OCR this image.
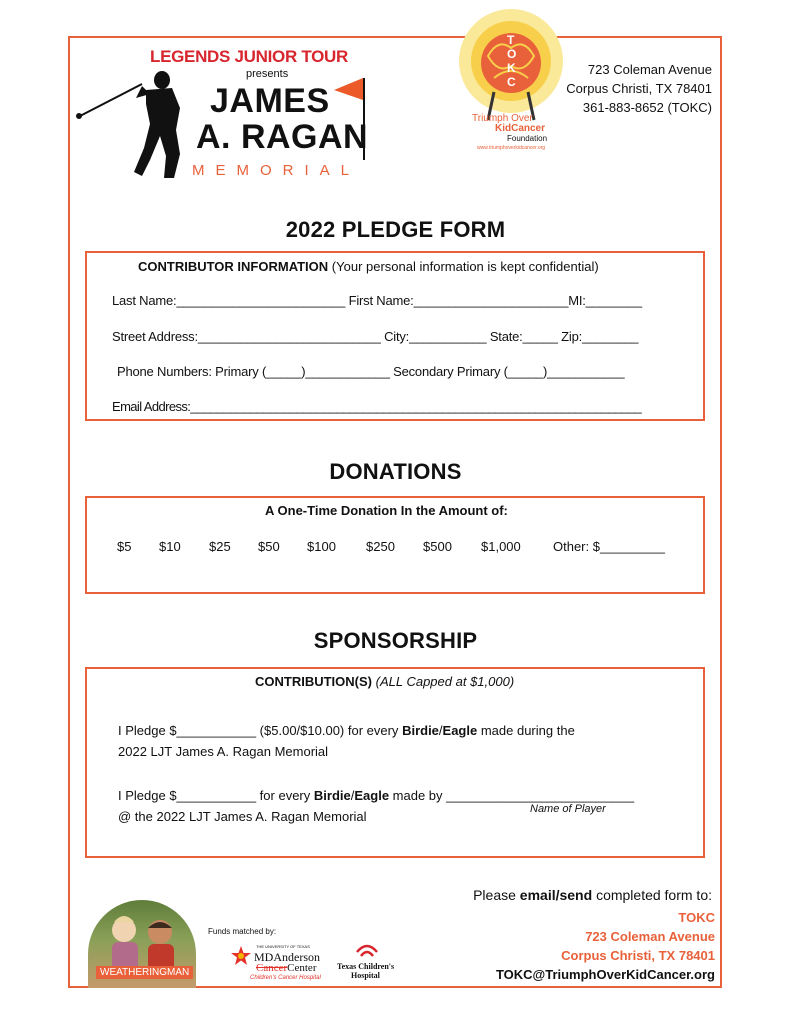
LEGENDS JUNIOR TOUR
presents
JAMES
A. RAGAN
MEMORIAL
T
O
K
C
Triumph Over
KidCancer
Foundation
www.triumphoverkidcancer.org
723 Coleman Avenue
Corpus Christi, TX 78401
361-883-8652 (TOKC)
2022 PLEDGE FORM
CONTRIBUTOR INFORMATION (Your personal information is kept confidential)
Last Name:________________________ First Name:______________________MI:________
Street Address:__________________________ City:___________ State:_____ Zip:________
Phone Numbers: Primary (_____)____________ Secondary Primary (_____)___________
Email Address:____________________________________________________________________
DONATIONS
A One-Time Donation In the Amount of:
$5 $10 $25 $50 $100 $250 $500 $1,000 Other: $_________
SPONSORSHIP
CONTRIBUTION(S) (ALL Capped at $1,000)
I Pledge $___________ ($5.00/$10.00) for every Birdie/Eagle made during the
2022 LJT James A. Ragan Memorial
I Pledge $___________ for every Birdie/Eagle made by __________________________
Name of Player
@ the 2022 LJT James A. Ragan Memorial
Please email/send completed form to:
TOKC
723 Coleman Avenue
Corpus Christi, TX 78401
TOKC@TriumphOverKidCancer.org
WEATHERINGMAN
Funds matched by:
THE UNIVERSITY OF TEXAS
MDAnderson
CancerCenter
Children's Cancer Hospital
Texas Children's
Hospital
